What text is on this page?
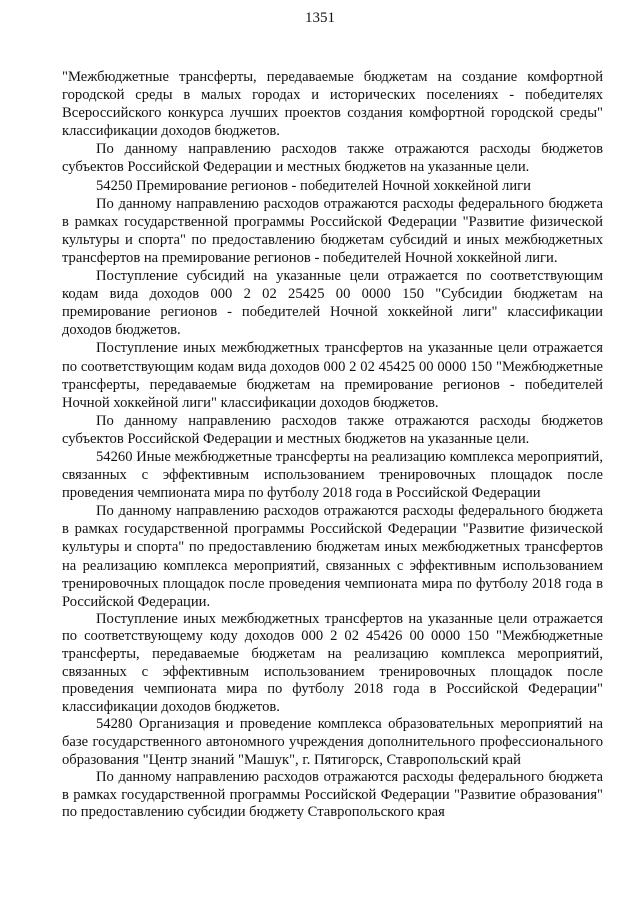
1351

"Межбюджетные трансферты, передаваемые бюджетам на создание комфортной городской среды в малых городах и исторических поселениях - победителях Всероссийского конкурса лучших проектов создания комфортной городской среды" классификации доходов бюджетов.

По данному направлению расходов также отражаются расходы бюджетов субъектов Российской Федерации и местных бюджетов на указанные цели.

54250 Премирование регионов - победителей Ночной хоккейной лиги

По данному направлению расходов отражаются расходы федерального бюджета в рамках государственной программы Российской Федерации "Развитие физической культуры и спорта" по предоставлению бюджетам субсидий и иных межбюджетных трансфертов на премирование регионов - победителей Ночной хоккейной лиги.

Поступление субсидий на указанные цели отражается по соответствующим кодам вида доходов 000 2 02 25425 00 0000 150 "Субсидии бюджетам на премирование регионов - победителей Ночной хоккейной лиги" классификации доходов бюджетов.

Поступление иных межбюджетных трансфертов на указанные цели отражается по соответствующим кодам вида доходов 000 2 02 45425 00 0000 150 "Межбюджетные трансферты, передаваемые бюджетам на премирование регионов - победителей Ночной хоккейной лиги" классификации доходов бюджетов.

По данному направлению расходов также отражаются расходы бюджетов субъектов Российской Федерации и местных бюджетов на указанные цели.

54260 Иные межбюджетные трансферты на реализацию комплекса мероприятий, связанных с эффективным использованием тренировочных площадок после проведения чемпионата мира по футболу 2018 года в Российской Федерации

По данному направлению расходов отражаются расходы федерального бюджета в рамках государственной программы Российской Федерации "Развитие физической культуры и спорта" по предоставлению бюджетам иных межбюджетных трансфертов на реализацию комплекса мероприятий, связанных с эффективным использованием тренировочных площадок после проведения чемпионата мира по футболу 2018 года в Российской Федерации.

Поступление иных межбюджетных трансфертов на указанные цели отражается по соответствующему коду доходов 000 2 02 45426 00 0000 150 "Межбюджетные трансферты, передаваемые бюджетам на реализацию комплекса мероприятий, связанных с эффективным использованием тренировочных площадок после проведения чемпионата мира по футболу 2018 года в Российской Федерации" классификации доходов бюджетов.

54280 Организация и проведение комплекса образовательных мероприятий на базе государственного автономного учреждения дополнительного профессионального образования "Центр знаний "Машук", г. Пятигорск, Ставропольский край

По данному направлению расходов отражаются расходы федерального бюджета в рамках государственной программы Российской Федерации "Развитие образования" по предоставлению субсидии бюджету Ставропольского края
